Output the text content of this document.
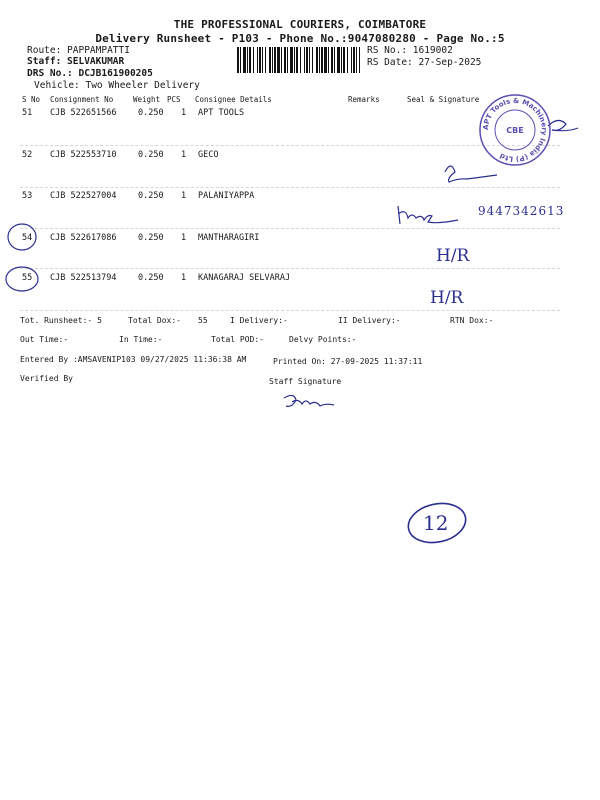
THE PROFESSIONAL COURIERS, COIMBATORE
Delivery Runsheet - P103 - Phone No.:9047080280 - Page No.:5
Route: PAPPAMPATTI
Staff: SELVAKUMAR
DRS No.: DCJB161900205
Vehicle: Two Wheeler Delivery
RS No.: 1619002
RS Date: 27-Sep-2025
S No Consignment No	Weight PCS Consignee Details	Remarks	Seal & Signature
51 CJB 522651566	0.250 1 APT TOOLS
52 CJB 522553710	0.250 1 GECO
53 CJB 522527004	0.250 1 PALANIYAPPA
54 CJB 522617086	0.250 1 MANTHARAGIRI
55 CJB 522513794	0.250 1 KANAGARAJ SELVARAJ
9447342613
H/R
H/R
12
APT Tools & Machinery India (P) Ltd
CBE
Tot. Runsheet:- 5	Total Dox:- 55	I Delivery:-	II Delivery:-	RTN Dox:-
Out Time:-	In Time:-	Total POD:-	Delvy Points:-
Entered By :AMSAVENIP103 09/27/2025 11:36:38 AM	Printed On: 27-09-2025 11:37:11
Verified By	Staff Signature
